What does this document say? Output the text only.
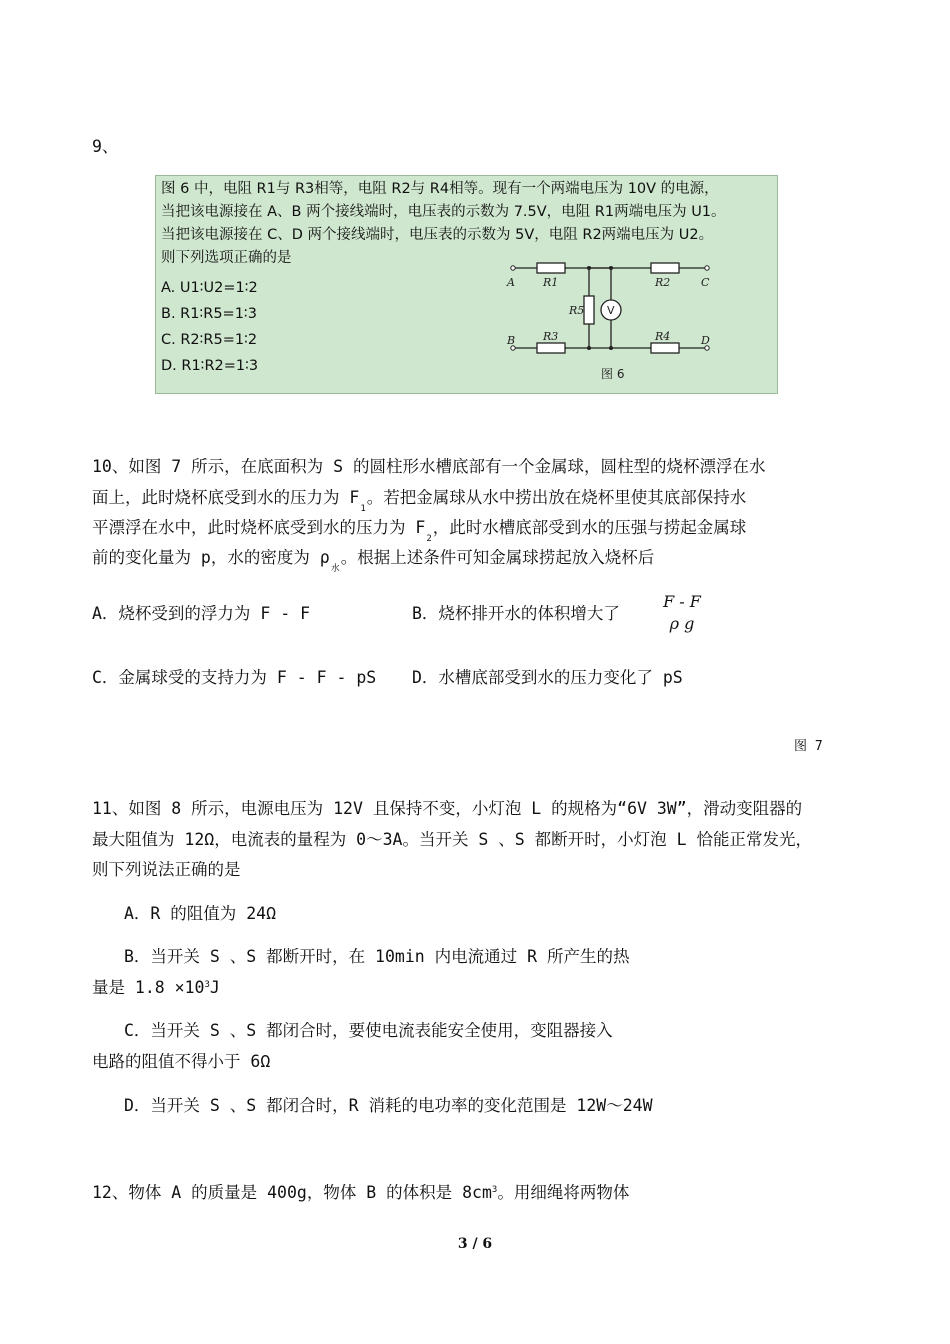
9、
图 6 中，电阻 R1与 R3相等，电阻 R2与 R4相等。现有一个两端电压为 10V 的电源，
当把该电源接在 A、B 两个接线端时，电压表的示数为 7.5V，电阻 R1两端电压为 U1。
当把该电源接在 C、D 两个接线端时，电压表的示数为 5V，电阻 R2两端电压为 U2。
则下列选项正确的是
A. U1∶U2=1∶2
B. R1∶R5=1∶3
C. R2∶R5=1∶2
D. R1∶R2=1∶3
A	C
B	D
R1	R2
R3	R4
R5 V
图 6
10、如图 7 所示，在底面积为 S 的圆柱形水槽底部有一个金属球，圆柱型的烧杯漂浮在水
面上，此时烧杯底受到水的压力为 $F_1$。若把金属球从水中捞出放在烧杯里使其底部保持水
平漂浮在水中，此时烧杯底受到水的压力为 $F_2$，此时水槽底部受到水的压强与捞起金属球
前的变化量为 p，水的密度为 $\rho_水$。根据上述条件可知金属球捞起放入烧杯后
A．烧杯受到的浮力为 F - F	B．烧杯排开水的体积增大了
F - F
ρ g
C．金属球受的支持力为 F - F - pS D．水槽底部受到水的压力变化了 pS
图 7
11、如图 8 所示，电源电压为 12V 且保持不变，小灯泡 L 的规格为“6V 3W”，滑动变阻器的
最大阻值为 12Ω，电流表的量程为 0～3A。当开关 S 、S 都断开时，小灯泡 L 恰能正常发光，
则下列说法正确的是
A．R 的阻值为 24Ω
B．当开关 S 、S 都断开时，在 10min 内电流通过 R 所产生的热
量是 $1.8 \times 10^3J$
C．当开关 S 、S 都闭合时，要使电流表能安全使用，变阻器接入
电路的阻值不得小于 6Ω
D．当开关 S 、S 都闭合时，R 消耗的电功率的变化范围是 12W～24W
12、物体 A 的质量是 400g，物体 B 的体积是 $8cm^3$。用细绳将两物体
3 / 6
